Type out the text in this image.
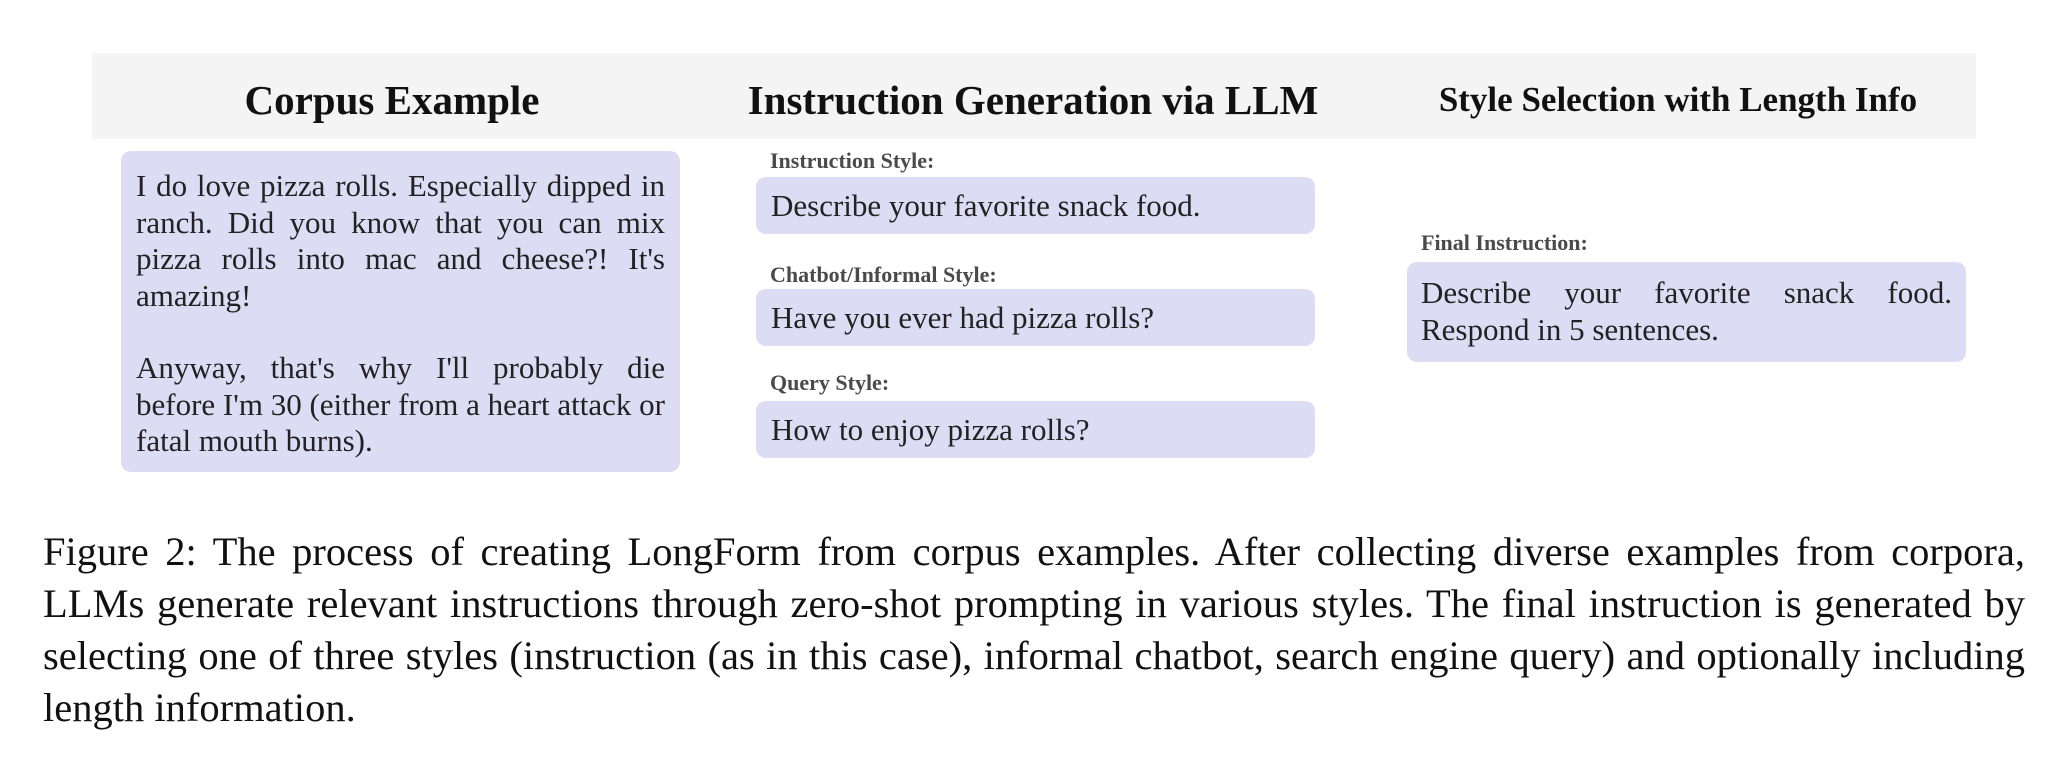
Corpus Example	Instruction Generation via LLM	Style Selection with Length Info

I do love pizza rolls. Especially dipped in ranch. Did you know that you can mix pizza rolls into mac and cheese?! It's amazing!

Anyway, that's why I'll probably die before I'm 30 (either from a heart attack or fatal mouth burns).

Instruction Style:
Describe your favorite snack food.
Chatbot/Informal Style:
Have you ever had pizza rolls?
Query Style:
How to enjoy pizza rolls?
Final Instruction:
Describe your favorite snack food. Respond in 5 sentences.
Figure 2: The process of creating LongForm from corpus examples. After collecting diverse examples from corpora, LLMs generate relevant instructions through zero-shot prompting in various styles. The final instruction is generated by selecting one of three styles (instruction (as in this case), informal chatbot, search engine query) and optionally including length information.
